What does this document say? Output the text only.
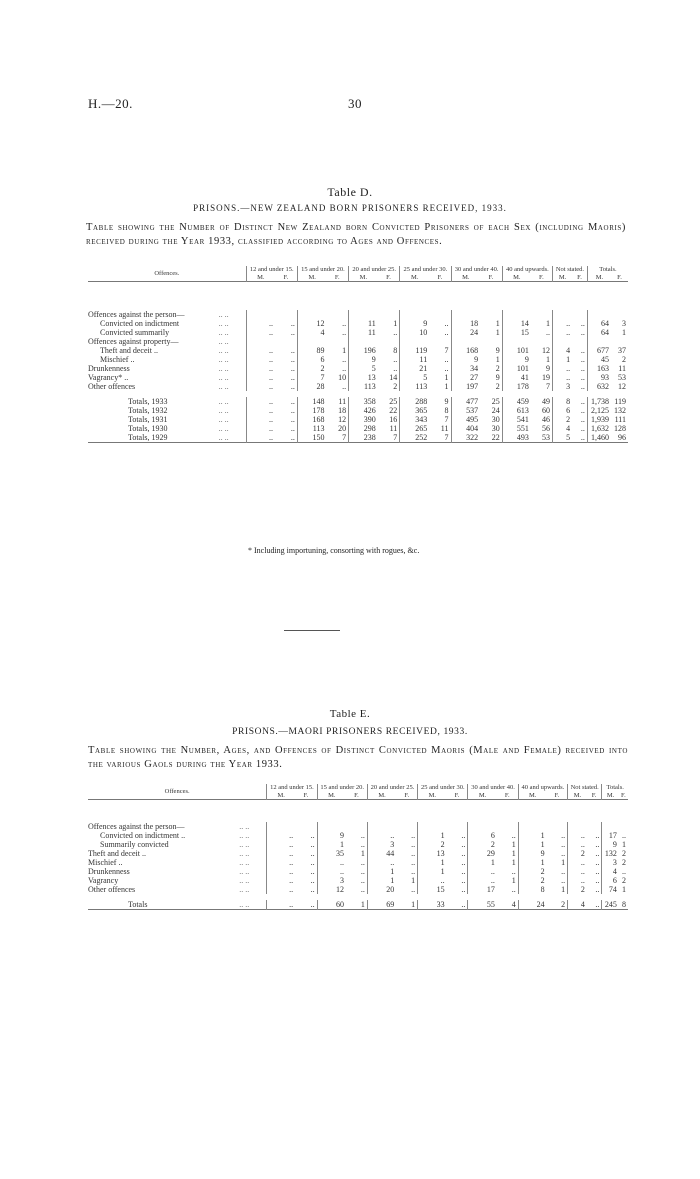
H.—20.	30
Table D.
PRISONS.—NEW ZEALAND BORN PRISONERS RECEIVED, 1933.
Table showing the Number of Distinct New Zealand born Convicted Prisoners of each Sex (including Maoris) received during the Year 1933, classified according to Ages and Offences.
Offences.		12 and under 15.		15 and under 20.		20 and under 25.		25 and under 30.		30 and under 40.		40 and upwards.		Not stated.		Totals.	
		M.	F.	M.	F.	M.	F.	M.	F.	M.	F.	M.	F.	M.	F.	M.	F.

Offences against the person—	.. ..																
Convicted on indictment	.. ..	..	..	12	..	11	1	9	..	18	1	14	1	..	..	64	3
Convicted summarily	.. ..	..	..	4	..	11	..	10	..	24	1	15	..	..	..	64	1
Offences against property—	.. ..																
Theft and deceit ..	.. ..	..	..	89	1	196	8	119	7	168	9	101	12	4	..	677	37
Mischief ..	.. ..	..	..	6	..	9	..	11	..	9	1	9	1	1	..	45	2
Drunkenness	.. ..	..	..	2	..	5	..	21	..	34	2	101	9	..	..	163	11
Vagrancy* ..	.. ..	..	..	7	10	13	14	5	1	27	9	41	19	..	..	93	53
Other offences	.. ..	..	..	28	..	113	2	113	1	197	2	178	7	3	..	632	12

Totals, 1933	.. ..	..	..	148	11	358	25	288	9	477	25	459	49	8	..	1,738	119
Totals, 1932	.. ..	..	..	178	18	426	22	365	8	537	24	613	60	6	..	2,125	132
Totals, 1931	.. ..	..	..	168	12	390	16	343	7	495	30	541	46	2	..	1,939	111
Totals, 1930	.. ..	..	..	113	20	298	11	265	11	404	30	551	56	4	..	1,632	128
Totals, 1929	.. ..	..	..	150	7	238	7	252	7	322	22	493	53	5	..	1,460	96

* Including importuning, consorting with rogues, &c.
Table E.
PRISONS.—MAORI PRISONERS RECEIVED, 1933.
Table showing the Number, Ages, and Offences of Distinct Convicted Maoris (Male and Female) received into the various Gaols during the Year 1933.
Offences.		12 and under 15.		15 and under 20.		20 and under 25.		25 and under 30.		30 and under 40.		40 and upwards.		Not stated.		Totals.	
		M.	F.	M.	F.	M.	F.	M.	F.	M.	F.	M.	F.	M.	F.	M.	F.

Offences against the person—	.. ..																
Convicted on indictment ..	.. ..	..	..	9	..	..	..	1	..	6	..	1	..	..	..	17	..
Summarily convicted	.. ..	..	..	1	..	3	..	2	..	2	1	1	..	..	..	9	1
Theft and deceit ..	.. ..	..	..	35	1	44	..	13	..	29	1	9	..	2	..	132	2
Mischief ..	.. ..	..	..	..	..	..	..	1	..	1	1	1	1	..	..	3	2
Drunkenness	.. ..	..	..	..	..	1	..	1	..	..	..	2	..	..	..	4	..
Vagrancy	.. ..	..	..	3	..	1	1	..	..	..	1	2	..	..	..	6	2
Other offences	.. ..	..	..	12	..	20	..	15	..	17	..	8	1	2	..	74	1

Totals	.. ..	..	..	60	1	69	1	33	..	55	4	24	2	4	..	245	8
